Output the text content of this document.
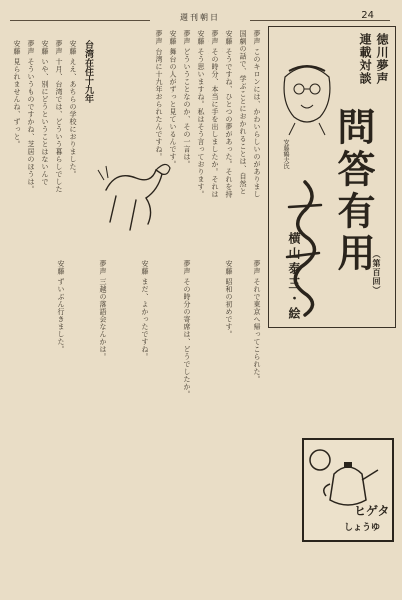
週刊朝日	24
徳川夢声 連載対談
安藤鶴夫氏 問答有用
横山泰三・絵	（第百回）
夢声 このキロンには、かわいらしいのがありまし
国劇の話で、学ぶことにおかれることは、自然と
安藤 そうですね、ひとつの夢があった。それを持
夢声 その時分、本当に手を出しましたか。それは
安藤 そう思いますね。私はそう言っております。
夢声 どういうことなのか、その一言は。
安藤 舞台の人がずっと見ているんです。
夢声 台湾に十九年おられたんですね。
台湾在住十九年
安藤 ええ、あちらの学校におりました。
夢声 十月、台湾では、どういう暮らしでした
安藤 いや、別にどうということはないんで
夢声 そういうものですかね、芝居のほうは。
安藤 見られませんね、ずっと。
夢声 それで東京へ帰ってこられた。
安藤 昭和の初めです。
夢声 その時分の寄席は、どうでしたか。
安藤 まだ、よかったですね。
夢声 三越の落語会なんかは。
安藤 ずいぶん行きました。
ヒゲタ
しょうゆ
